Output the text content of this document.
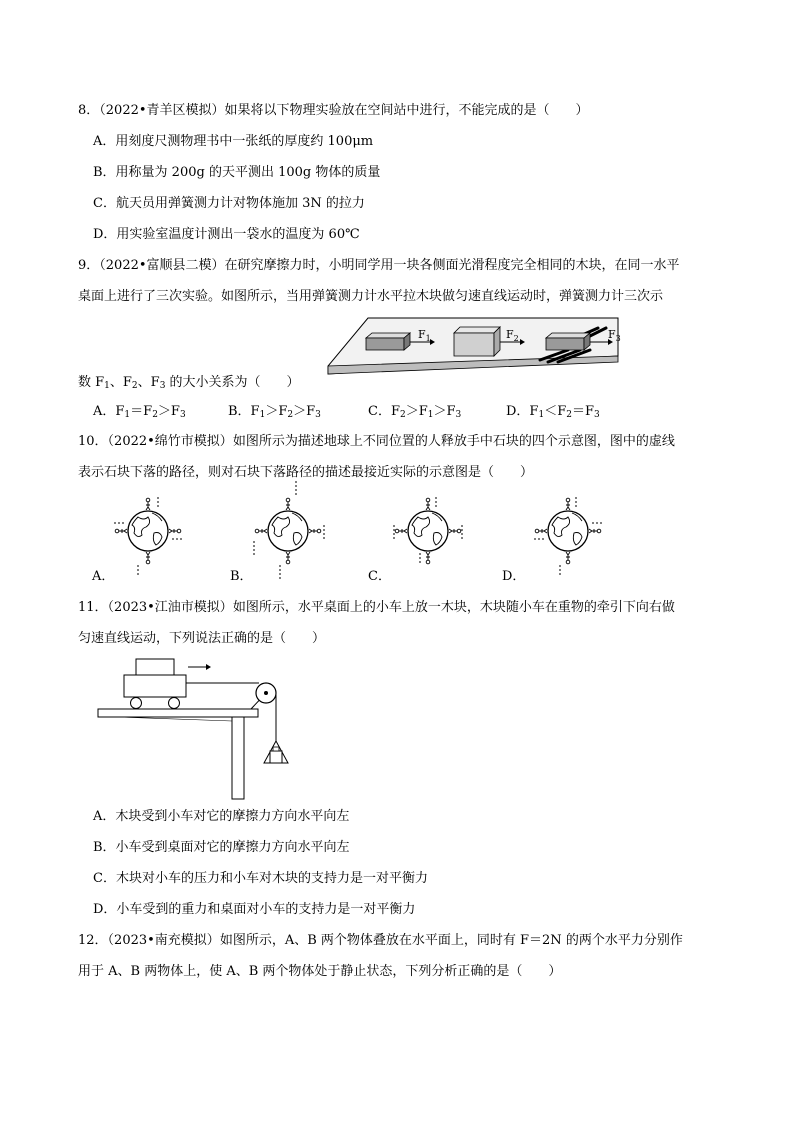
8．（2022•青羊区模拟）如果将以下物理实验放在空间站中进行，不能完成的是（　　）
A．用刻度尺测物理书中一张纸的厚度约 100μm
B．用称量为 200g 的天平测出 100g 物体的质量
C．航天员用弹簧测力计对物体施加 3N 的拉力
D．用实验室温度计测出一袋水的温度为 60℃
9．（2022•富顺县二模）在研究摩擦力时，小明同学用一块各侧面光滑程度完全相同的木块，在同一水平
桌面上进行了三次实验。如图所示，当用弹簧测力计水平拉木块做匀速直线运动时，弹簧测力计三次示
$F_1$	$F_2$	$F_3$
数 $F_1$、$F_2$、$F_3$ 的大小关系为（　　）
A．$F_1=F_2>F_3$	B．$F_1>F_2>F_3$	C．$F_2>F_1>F_3$	D．$F_1<F_2=F_3$
10．（2022•绵竹市模拟）如图所示为描述地球上不同位置的人释放手中石块的四个示意图，图中的虚线
表示石块下落的路径，则对石块下落路径的描述最接近实际的示意图是（　　）
A．	B．	C．	D．
11．（2023•江油市模拟）如图所示，水平桌面上的小车上放一木块，木块随小车在重物的牵引下向右做
匀速直线运动，下列说法正确的是（　　）
A．木块受到小车对它的摩擦力方向水平向左
B．小车受到桌面对它的摩擦力方向水平向左
C．木块对小车的压力和小车对木块的支持力是一对平衡力
D．小车受到的重力和桌面对小车的支持力是一对平衡力
12．（2023•南充模拟）如图所示，A、B 两个物体叠放在水平面上，同时有 F＝2N 的两个水平力分别作
用于 A、B 两物体上，使 A、B 两个物体处于静止状态，下列分析正确的是（　　）
